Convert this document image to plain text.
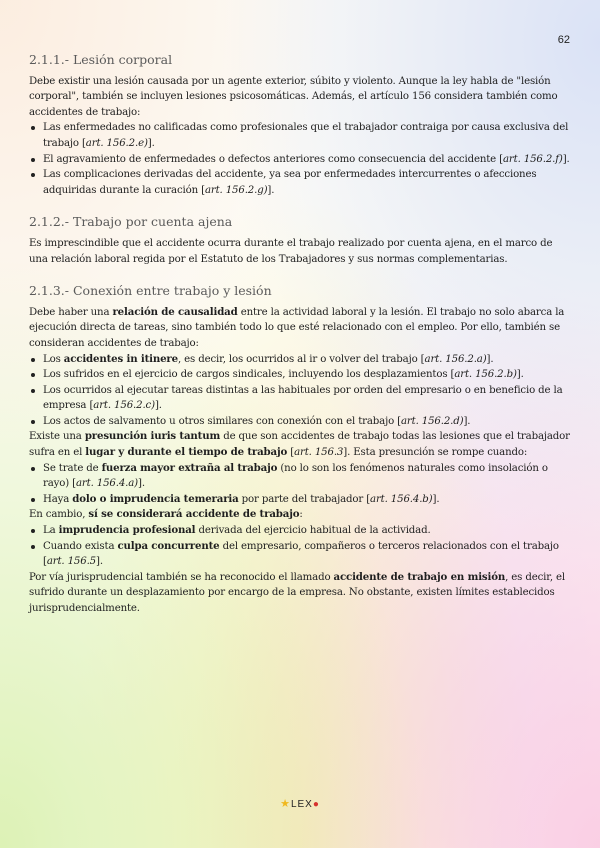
62
2.1.1.- Lesión corporal

Debe existir una lesión causada por un agente exterior, súbito y violento. Aunque la ley habla de "lesión corporal", también se incluyen lesiones psicosomáticas. Además, el artículo 156 considera también como accidentes de trabajo:

Las enfermedades no calificadas como profesionales que el trabajador contraiga por causa exclusiva del trabajo [art. 156.2.e)].
El agravamiento de enfermedades o defectos anteriores como consecuencia del accidente [art. 156.2.f)].
Las complicaciones derivadas del accidente, ya sea por enfermedades intercurrentes o afecciones adquiridas durante la curación [art. 156.2.g)].
2.1.2.- Trabajo por cuenta ajena

Es imprescindible que el accidente ocurra durante el trabajo realizado por cuenta ajena, en el marco de una relación laboral regida por el Estatuto de los Trabajadores y sus normas complementarias.

2.1.3.- Conexión entre trabajo y lesión

Debe haber una relación de causalidad entre la actividad laboral y la lesión. El trabajo no solo abarca la ejecución directa de tareas, sino también todo lo que esté relacionado con el empleo. Por ello, también se consideran accidentes de trabajo:

Los accidentes in itinere, es decir, los ocurridos al ir o volver del trabajo [art. 156.2.a)].
Los sufridos en el ejercicio de cargos sindicales, incluyendo los desplazamientos [art. 156.2.b)].
Los ocurridos al ejecutar tareas distintas a las habituales por orden del empresario o en beneficio de la empresa [art. 156.2.c)].
Los actos de salvamento u otros similares con conexión con el trabajo [art. 156.2.d)].

Existe una presunción iuris tantum de que son accidentes de trabajo todas las lesiones que el trabajador sufra en el lugar y durante el tiempo de trabajo [art. 156.3]. Esta presunción se rompe cuando:

Se trate de fuerza mayor extraña al trabajo (no lo son los fenómenos naturales como insolación o rayo) [art. 156.4.a)].
Haya dolo o imprudencia temeraria por parte del trabajador [art. 156.4.b)].

En cambio, sí se considerará accidente de trabajo:

La imprudencia profesional derivada del ejercicio habitual de la actividad.
Cuando exista culpa concurrente del empresario, compañeros o terceros relacionados con el trabajo [art. 156.5].

Por vía jurisprudencial también se ha reconocido el llamado accidente de trabajo en misión, es decir, el sufrido durante un desplazamiento por encargo de la empresa. No obstante, existen límites establecidos jurisprudencialmente.

★LEX●
